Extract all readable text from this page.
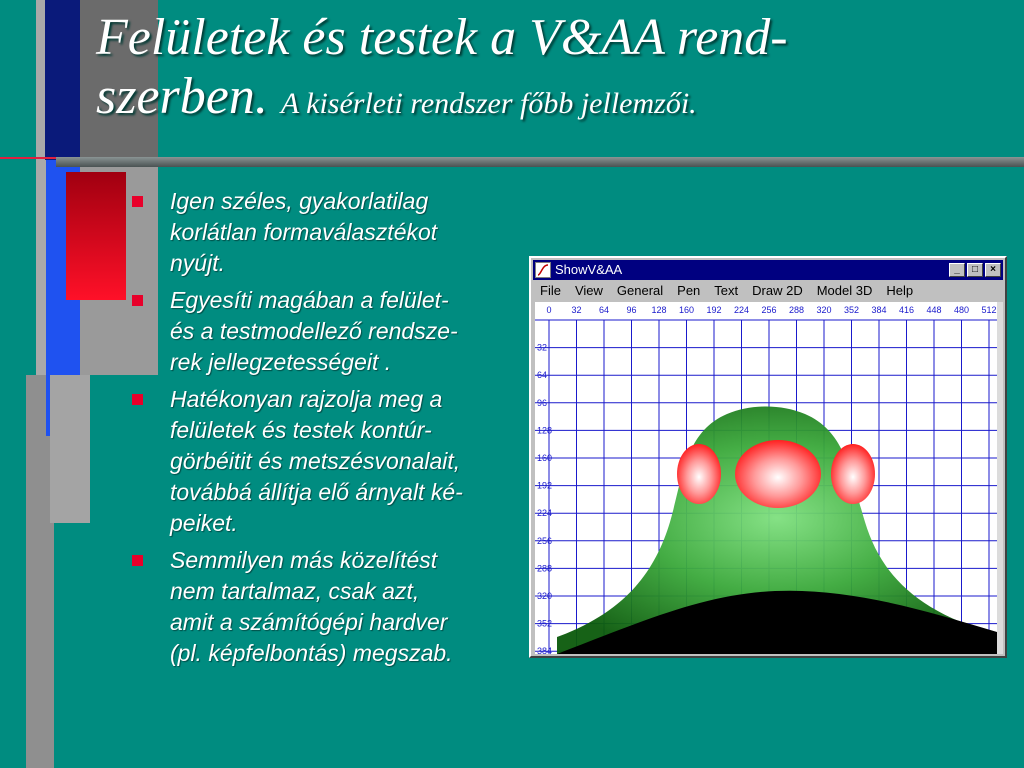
Felületek és testek a V&AA rend-
szerben. A kisérleti rendszer főbb jellemzői.
Igen széles, gyakorlatilag
korlátlan formaválasztékot
nyújt.
Egyesíti magában a felület-
és a testmodellező rendsze-
rek jellegzetességeit .
Hatékonyan rajzolja meg a
felületek és testek kontúr-
görbéitit és metszésvonalait,
továbbá állítja elő árnyalt ké-
peiket.
Semmilyen más közelítést
nem tartalmaz, csak azt,
amit a számítógépi hardver
(pl. képfelbontás) megszab.
ShowV&AA	_	□	×
File View General Pen Text Draw 2D Model 3D Help
0 32 64 96 128 160 192 224 256 288 320 352 384 416 448 480 512
32
64
96
128
160
192
224
256
288
320
352
384
